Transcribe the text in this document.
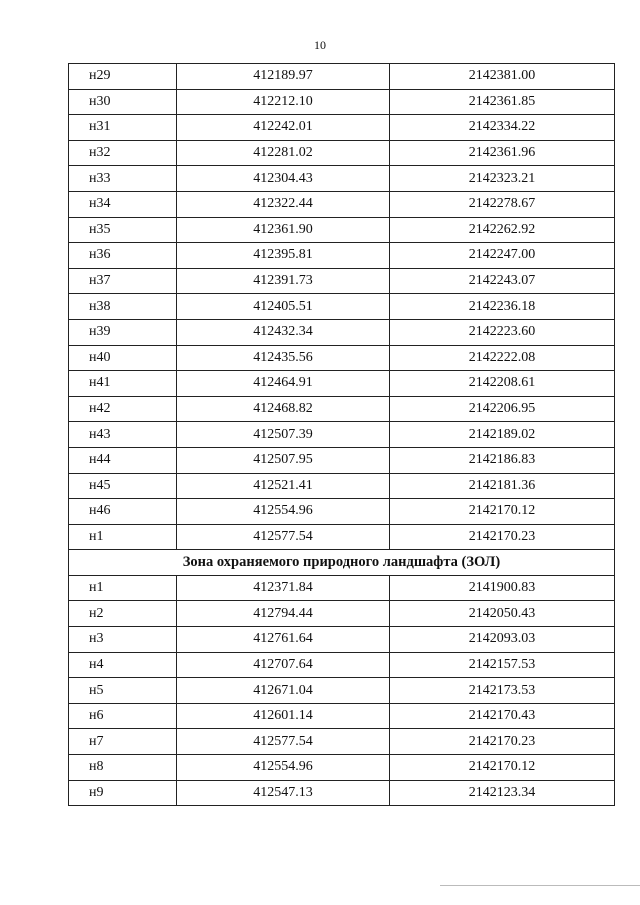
10
н29	412189.97	2142381.00
н30	412212.10	2142361.85
н31	412242.01	2142334.22
н32	412281.02	2142361.96
н33	412304.43	2142323.21
н34	412322.44	2142278.67
н35	412361.90	2142262.92
н36	412395.81	2142247.00
н37	412391.73	2142243.07
н38	412405.51	2142236.18
н39	412432.34	2142223.60
н40	412435.56	2142222.08
н41	412464.91	2142208.61
н42	412468.82	2142206.95
н43	412507.39	2142189.02
н44	412507.95	2142186.83
н45	412521.41	2142181.36
н46	412554.96	2142170.12
н1	412577.54	2142170.23
Зона охраняемого природного ландшафта (ЗОЛ)		
н1	412371.84	2141900.83
н2	412794.44	2142050.43
н3	412761.64	2142093.03
н4	412707.64	2142157.53
н5	412671.04	2142173.53
н6	412601.14	2142170.43
н7	412577.54	2142170.23
н8	412554.96	2142170.12
н9	412547.13	2142123.34
